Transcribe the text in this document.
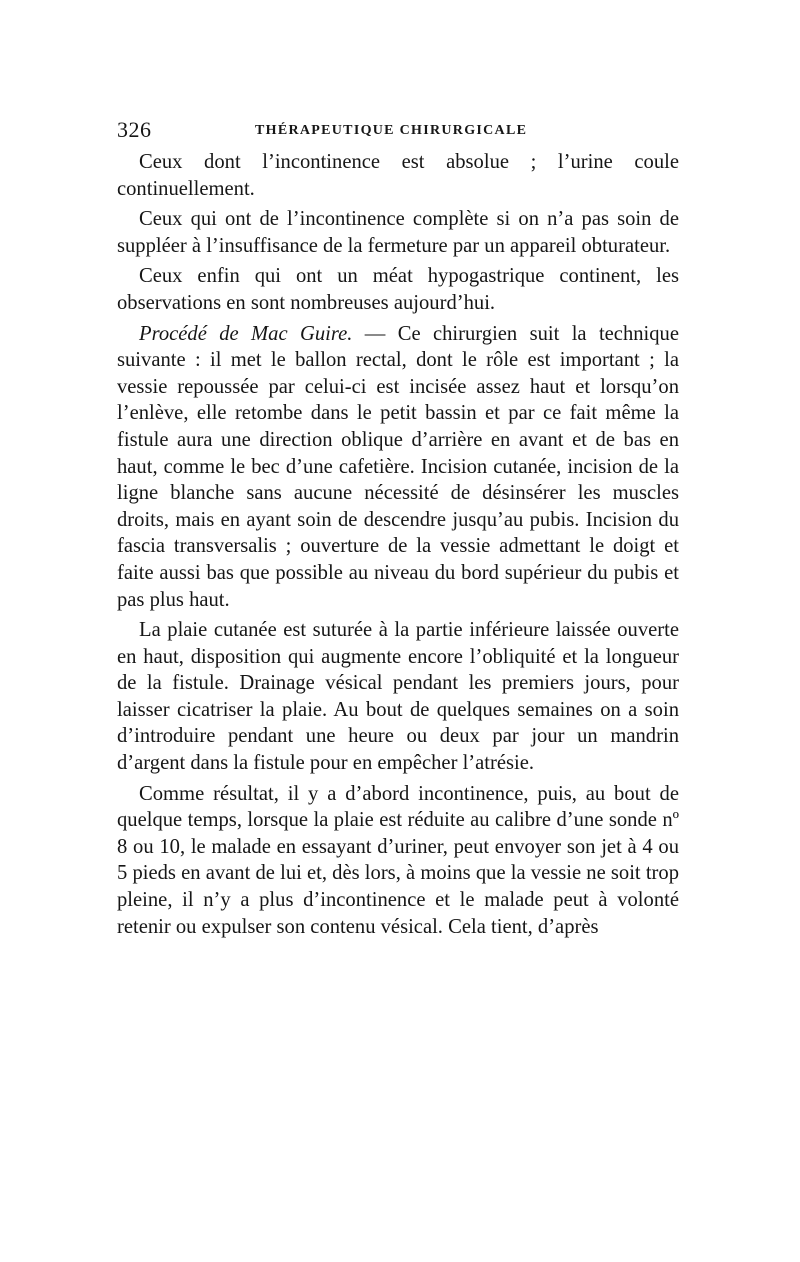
326	THÉRAPEUTIQUE CHIRURGICALE

Ceux dont l’incontinence est absolue ; l’urine coule continuellement.

Ceux qui ont de l’incontinence complète si on n’a pas soin de suppléer à l’insuffisance de la fermeture par un appareil obturateur.

Ceux enfin qui ont un méat hypogastrique continent, les observations en sont nombreuses aujourd’hui.

Procédé de Mac Guire. — Ce chirurgien suit la technique suivante : il met le ballon rectal, dont le rôle est important ; la vessie repoussée par celui-ci est incisée assez haut et lorsqu’on l’enlève, elle retombe dans le petit bassin et par ce fait même la fistule aura une direction oblique d’arrière en avant et de bas en haut, comme le bec d’une cafetière. Incision cutanée, incision de la ligne blanche sans aucune nécessité de désinsérer les muscles droits, mais en ayant soin de descendre jusqu’au pubis. Incision du fascia transversalis ; ouverture de la vessie admettant le doigt et faite aussi bas que possible au niveau du bord supérieur du pubis et pas plus haut.

La plaie cutanée est suturée à la partie inférieure laissée ouverte en haut, disposition qui augmente encore l’obliquité et la longueur de la fistule. Drainage vésical pendant les premiers jours, pour laisser cicatriser la plaie. Au bout de quelques semaines on a soin d’introduire pendant une heure ou deux par jour un mandrin d’argent dans la fistule pour en empêcher l’atrésie.

Comme résultat, il y a d’abord incontinence, puis, au bout de quelque temps, lorsque la plaie est réduite au calibre d’une sonde nº 8 ou 10, le malade en essayant d’uriner, peut envoyer son jet à 4 ou 5 pieds en avant de lui et, dès lors, à moins que la vessie ne soit trop pleine, il n’y a plus d’incontinence et le malade peut à volonté retenir ou expulser son contenu vésical. Cela tient, d’après
